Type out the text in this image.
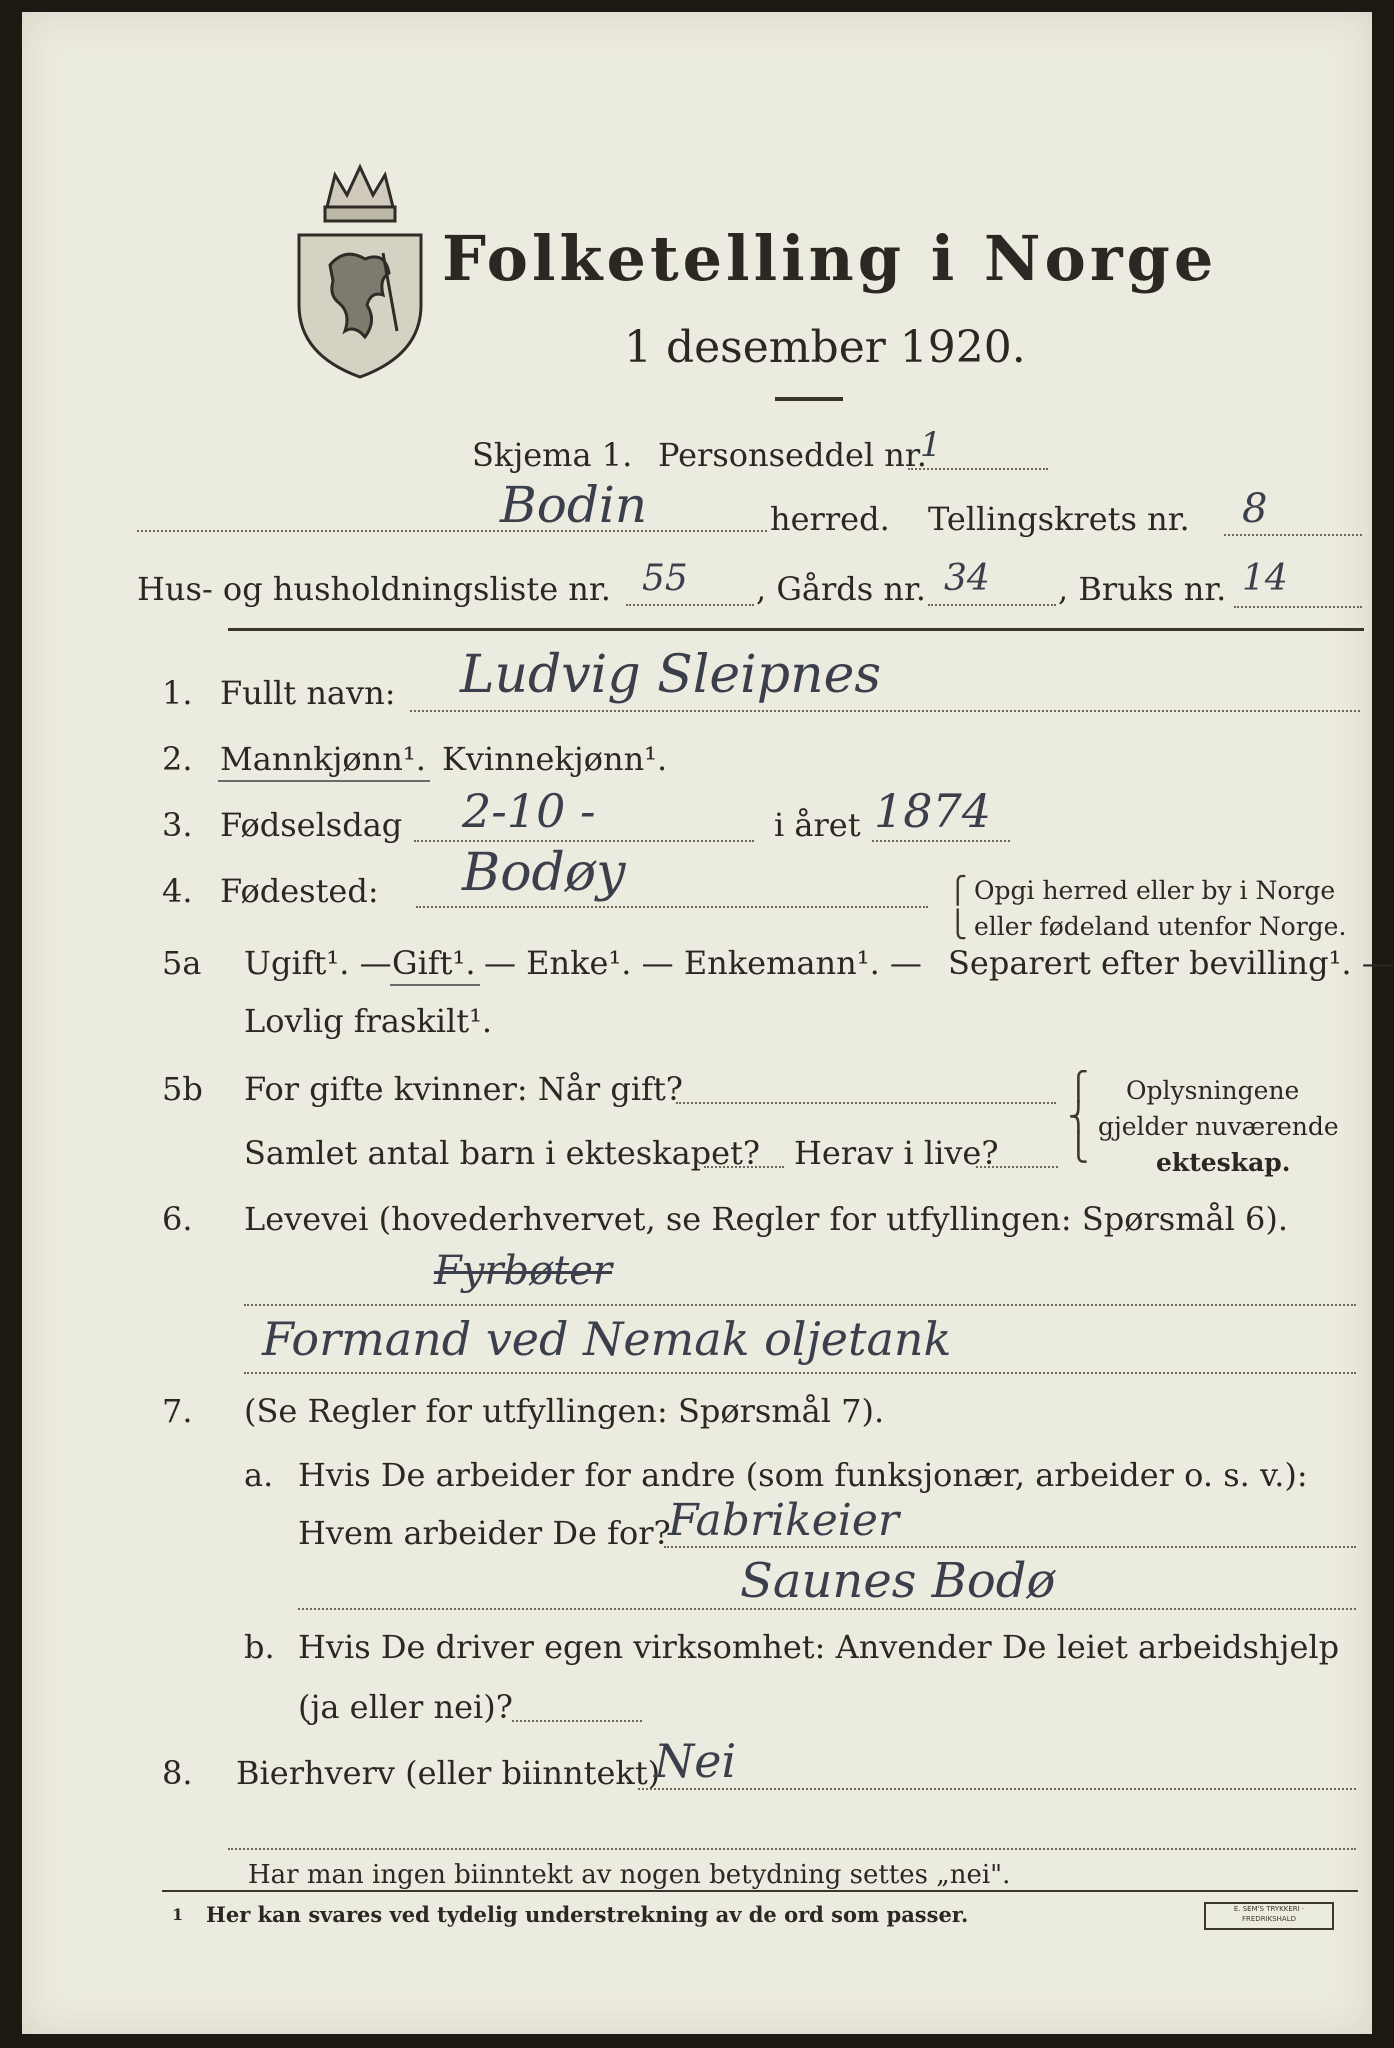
Folketelling i Norge
1 desember 1920.
Skjema 1. Personseddel nr.
1
Bodin	herred. Tellingskrets nr. 8
Hus- og husholdningsliste nr. 55 , Gårds nr. 34 , Bruks nr. 14
1. Fullt navn: Ludvig Sleipnes
2. Mannkjønn¹. Kvinnekjønn¹.
3. Fødselsdag 2-10 -	i året 1874
4. Fødested: Bodøy	⎧
⎩
Opgi herred eller by i Norge
eller fødeland utenfor Norge.
5a Ugift¹. — Gift¹. — Enke¹. — Enkemann¹. — Separert efter bevilling¹. —
Lovlig fraskilt¹.
5b For gifte kvinner: Når gift?
Samlet antal barn i ekteskapet? Herav i live?
⎧
⎨
⎩
Oplysningene
gjelder nuværende
ekteskap.
6. Levevei (hovederhvervet, se Regler for utfyllingen: Spørsmål 6).
Fyrbøter
Formand ved Nemak oljetank
7. (Se Regler for utfyllingen: Spørsmål 7).
a. Hvis De arbeider for andre (som funksjonær, arbeider o. s. v.):
Hvem arbeider De for?
Fabrikeier
Saunes Bodø
b. Hvis De driver egen virksomhet: Anvender De leiet arbeidshjelp
(ja eller nei)?
8. Bierhverv (eller biinntekt)
Nei
Har man ingen biinntekt av nogen betydning settes „nei".
1 Her kan svares ved tydelig understrekning av de ord som passer.	E. SEM'S TRYKKERI · FREDRIKSHALD
